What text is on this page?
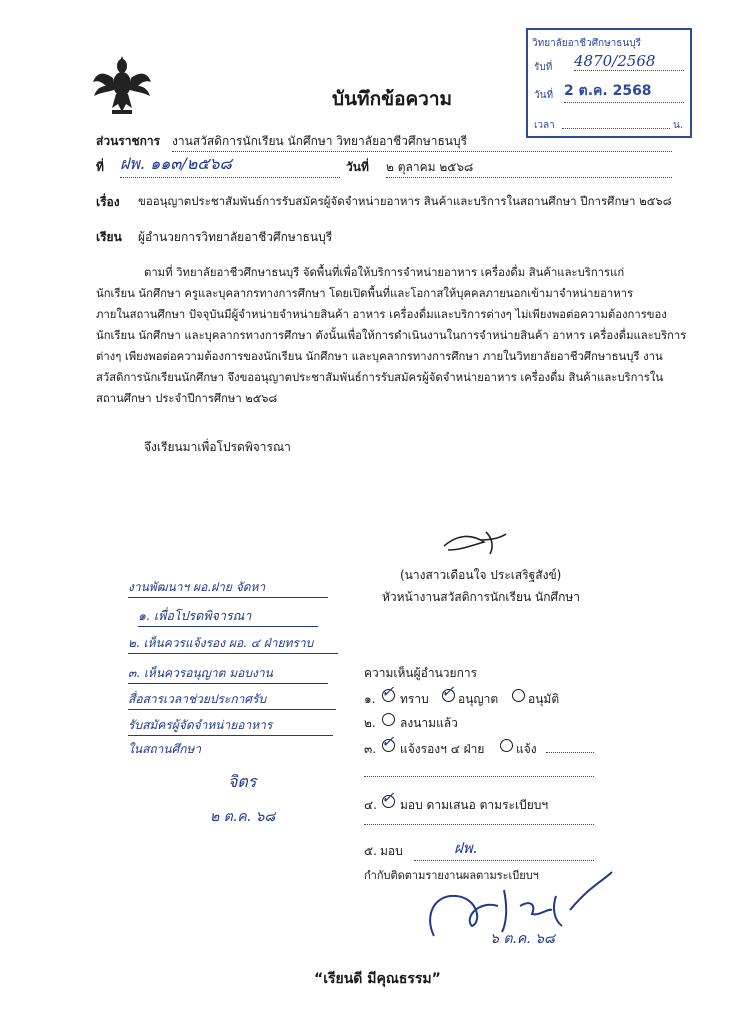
บันทึกข้อความ
วิทยาลัยอาชีวศึกษาธนบุรี
รับที่ 4870/2568
วันที่ 2 ต.ค. 2568
เวลา	น.
ส่วนราชการ งานสวัสดิการนักเรียน นักศึกษา วิทยาลัยอาชีวศึกษาธนบุรี
ที่ ฝพ. ๑๑๓/๒๕๖๘	วันที่ ๒ ตุลาคม ๒๕๖๘
เรื่อง ขออนุญาตประชาสัมพันธ์การรับสมัครผู้จัดจำหน่ายอาหาร สินค้าและบริการในสถานศึกษา ปีการศึกษา ๒๕๖๘
เรียน ผู้อำนวยการวิทยาลัยอาชีวศึกษาธนบุรี
ตามที่ วิทยาลัยอาชีวศึกษาธนบุรี จัดพื้นที่เพื่อให้บริการจำหน่ายอาหาร เครื่องดื่ม สินค้าและบริการแก่
นักเรียน นักศึกษา ครูและบุคลากรทางการศึกษา โดยเปิดพื้นที่และโอกาสให้บุคคลภายนอกเข้ามาจำหน่ายอาหาร
ภายในสถานศึกษา ปัจจุบันมีผู้จำหน่ายจำหน่ายสินค้า อาหาร เครื่องดื่มและบริการต่างๆ ไม่เพียงพอต่อความต้องการของ
นักเรียน นักศึกษา และบุคลากรทางการศึกษา ดังนั้นเพื่อให้การดำเนินงานในการจำหน่ายสินค้า อาหาร เครื่องดื่มและบริการ
ต่างๆ เพียงพอต่อความต้องการของนักเรียน นักศึกษา และบุคลากรทางการศึกษา ภายในวิทยาลัยอาชีวศึกษาธนบุรี งาน
สวัสดิการนักเรียนนักศึกษา จึงขออนุญาตประชาสัมพันธ์การรับสมัครผู้จัดจำหน่ายอาหาร เครื่องดื่ม สินค้าและบริการใน
สถานศึกษา ประจำปีการศึกษา ๒๕๖๘
จึงเรียนมาเพื่อโปรดพิจารณา
(นางสาวเดือนใจ ประเสริฐสังข์)
หัวหน้างานสวัสดิการนักเรียน นักศึกษา
งานพัฒนาฯ ผอ.ฝาย จัดหา
๑. เพื่อโปรดพิจารณา
๒. เห็นควรแจ้งรอง ผอ. ๔ ฝ่ายทราบ
๓. เห็นควรอนุญาต มอบงาน
สื่อสารเวลาช่วยประกาศรับ
รับสมัครผู้จัดจำหน่ายอาหาร
ในสถานศึกษา
จิตร
๒ ต.ค. ๖๘
ความเห็นผู้อำนวยการ
๑. ✓ ทราบ ✓ อนุญาต อนุมัติ
๒. ลงนามแล้ว
๓. ✓ แจ้งรองฯ ๔ ฝ่าย	แจ้ง
๔. ✓ มอบ ดามเสนอ ตามระเบียบฯ
๕. มอบ	ฝพ.
กำกับติดตามรายงานผลตามระเบียบฯ
๖ ต.ค. ๖๘
“เรียนดี มีคุณธรรม”
